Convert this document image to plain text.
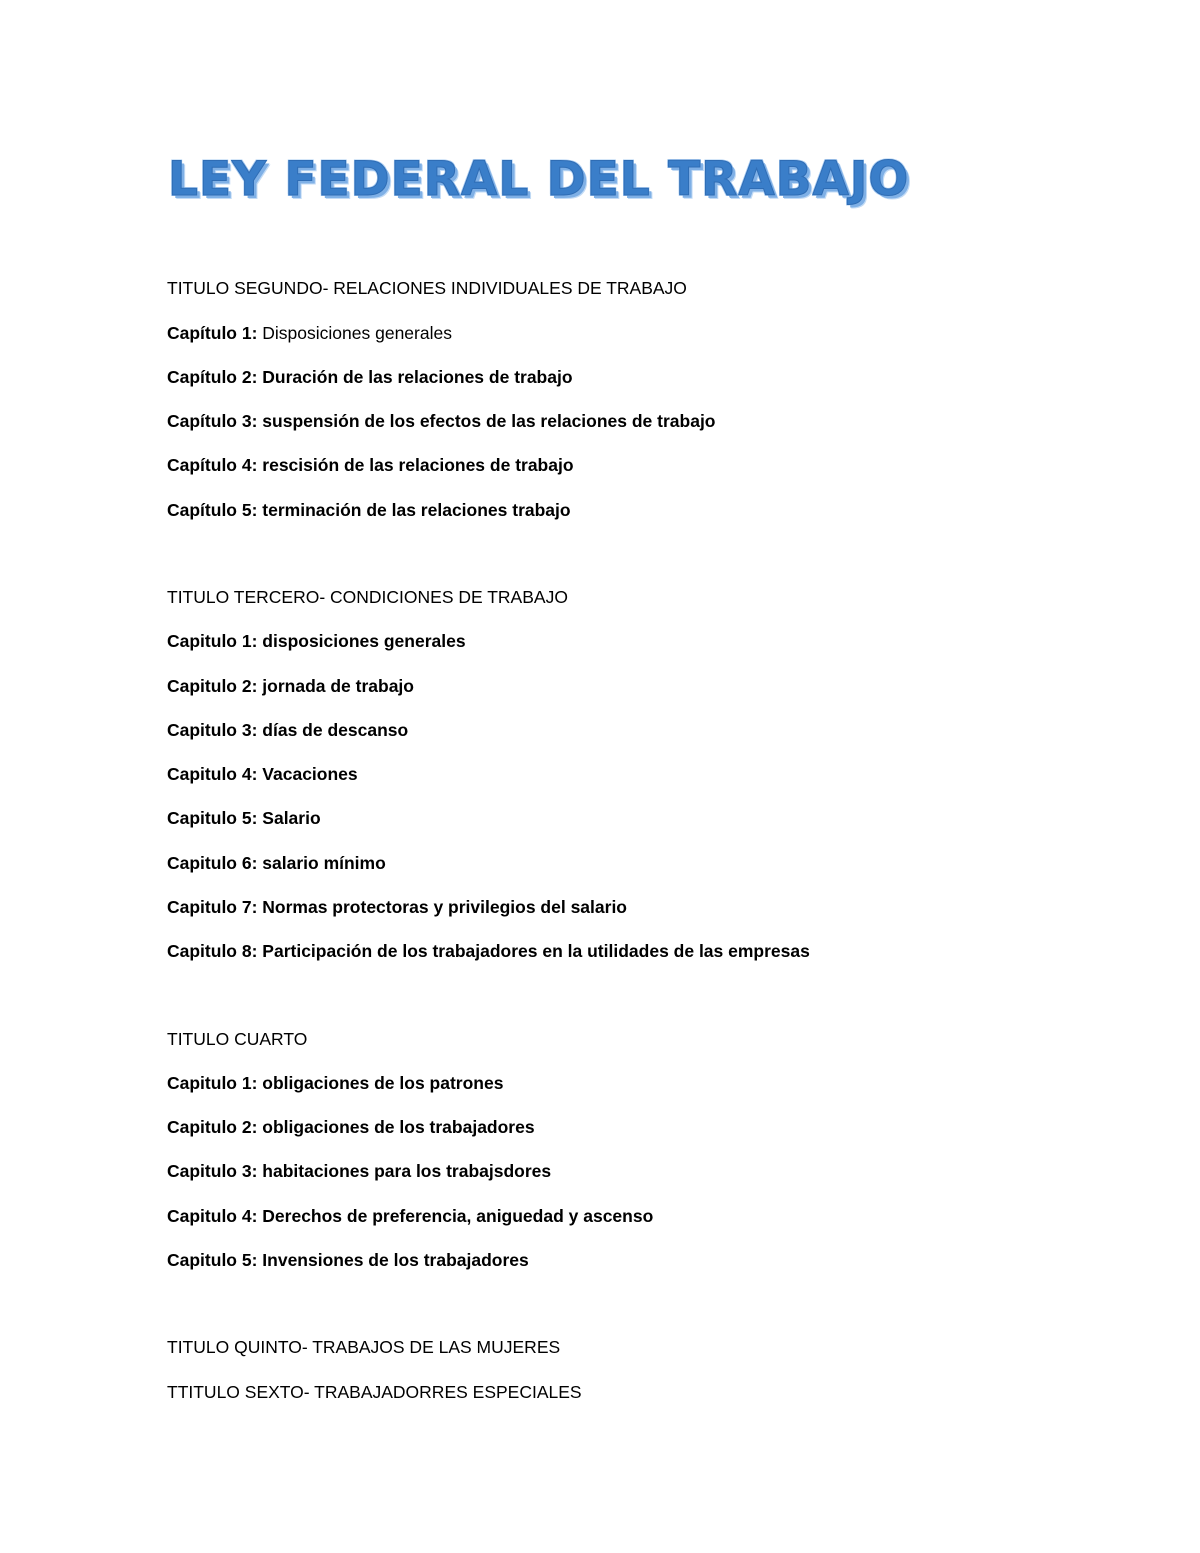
LEY FEDERAL DEL TRABAJO

TITULO SEGUNDO- RELACIONES INDIVIDUALES DE TRABAJO

Capítulo 1: Disposiciones generales

Capítulo 2: Duración de las relaciones de trabajo

Capítulo 3: suspensión de los efectos de las relaciones de trabajo

Capítulo 4: rescisión de las relaciones de trabajo

Capítulo 5: terminación de las relaciones trabajo

TITULO TERCERO- CONDICIONES DE TRABAJO

Capitulo 1: disposiciones generales

Capitulo 2: jornada de trabajo

Capitulo 3: días de descanso

Capitulo 4: Vacaciones

Capitulo 5: Salario

Capitulo 6: salario mínimo

Capitulo 7: Normas protectoras y privilegios del salario

Capitulo 8: Participación de los trabajadores en la utilidades de las empresas

TITULO CUARTO

Capitulo 1: obligaciones de los patrones

Capitulo 2: obligaciones de los trabajadores

Capitulo 3: habitaciones para los trabajsdores

Capitulo 4: Derechos de preferencia, aniguedad y ascenso

Capitulo 5: Invensiones de los trabajadores

TITULO QUINTO- TRABAJOS DE LAS MUJERES

TTITULO SEXTO- TRABAJADORRES ESPECIALES
